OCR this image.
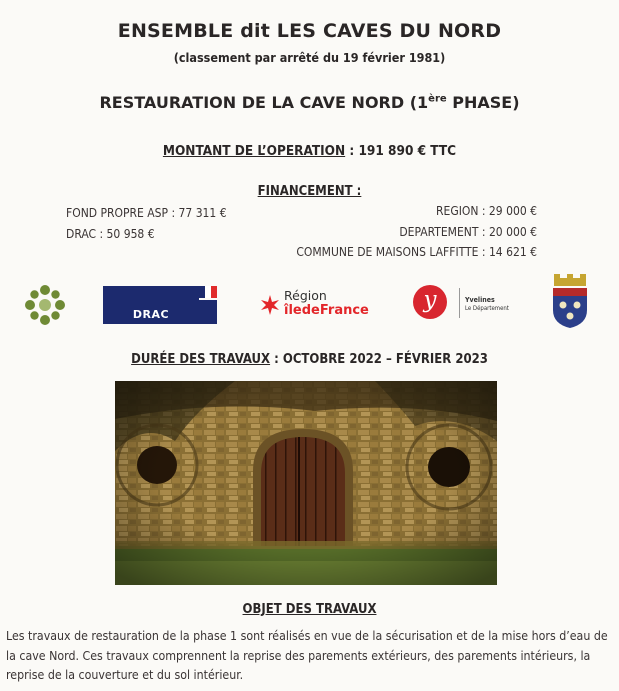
ENSEMBLE dit LES CAVES DU NORD
(classement par arrêté du 19 février 1981)
RESTAURATION DE LA CAVE NORD (1ère PHASE)
MONTANT DE L’OPERATION : 191 890 € TTC
FINANCEMENT :
FOND PROPRE ASP : 77 311 €
DRAC : 50 958 €
REGION : 29 000 €
DEPARTEMENT : 20 000 €
COMMUNE DE MAISONS LAFFITTE : 14 621 €
DRAC
Région
îledeFrance	y	Yvelines
Le Département
DURÉE DES TRAVAUX : OCTOBRE 2022 – FÉVRIER 2023
OBJET DES TRAVAUX
Les travaux de restauration de la phase 1 sont réalisés en vue de la sécurisation et de la mise hors d’eau de la cave Nord. Ces travaux comprennent la reprise des parements extérieurs, des parements intérieurs, la reprise de la couverture et du sol intérieur.
